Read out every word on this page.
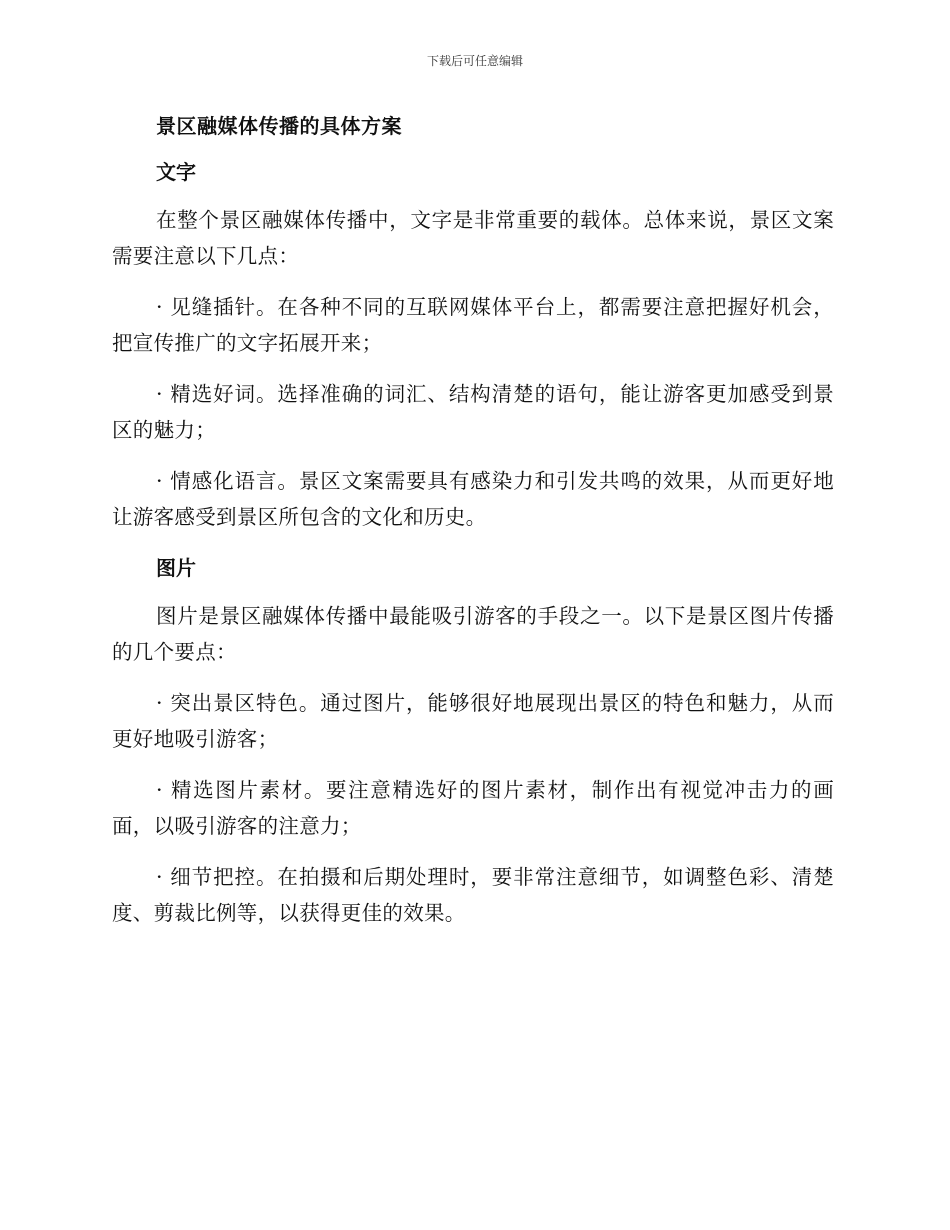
下载后可任意编辑
景区融媒体传播的具体方案
文字

在整个景区融媒体传播中，文字是非常重要的载体。总体来说，景区文案需要注意以下几点：

· 见缝插针。在各种不同的互联网媒体平台上，都需要注意把握好机会，把宣传推广的文字拓展开来；

· 精选好词。选择准确的词汇、结构清楚的语句，能让游客更加感受到景区的魅力；

· 情感化语言。景区文案需要具有感染力和引发共鸣的效果，从而更好地让游客感受到景区所包含的文化和历史。

图片

图片是景区融媒体传播中最能吸引游客的手段之一。以下是景区图片传播的几个要点：

· 突出景区特色。通过图片，能够很好地展现出景区的特色和魅力，从而更好地吸引游客；

· 精选图片素材。要注意精选好的图片素材，制作出有视觉冲击力的画面，以吸引游客的注意力；

· 细节把控。在拍摄和后期处理时，要非常注意细节，如调整色彩、清楚度、剪裁比例等，以获得更佳的效果。
